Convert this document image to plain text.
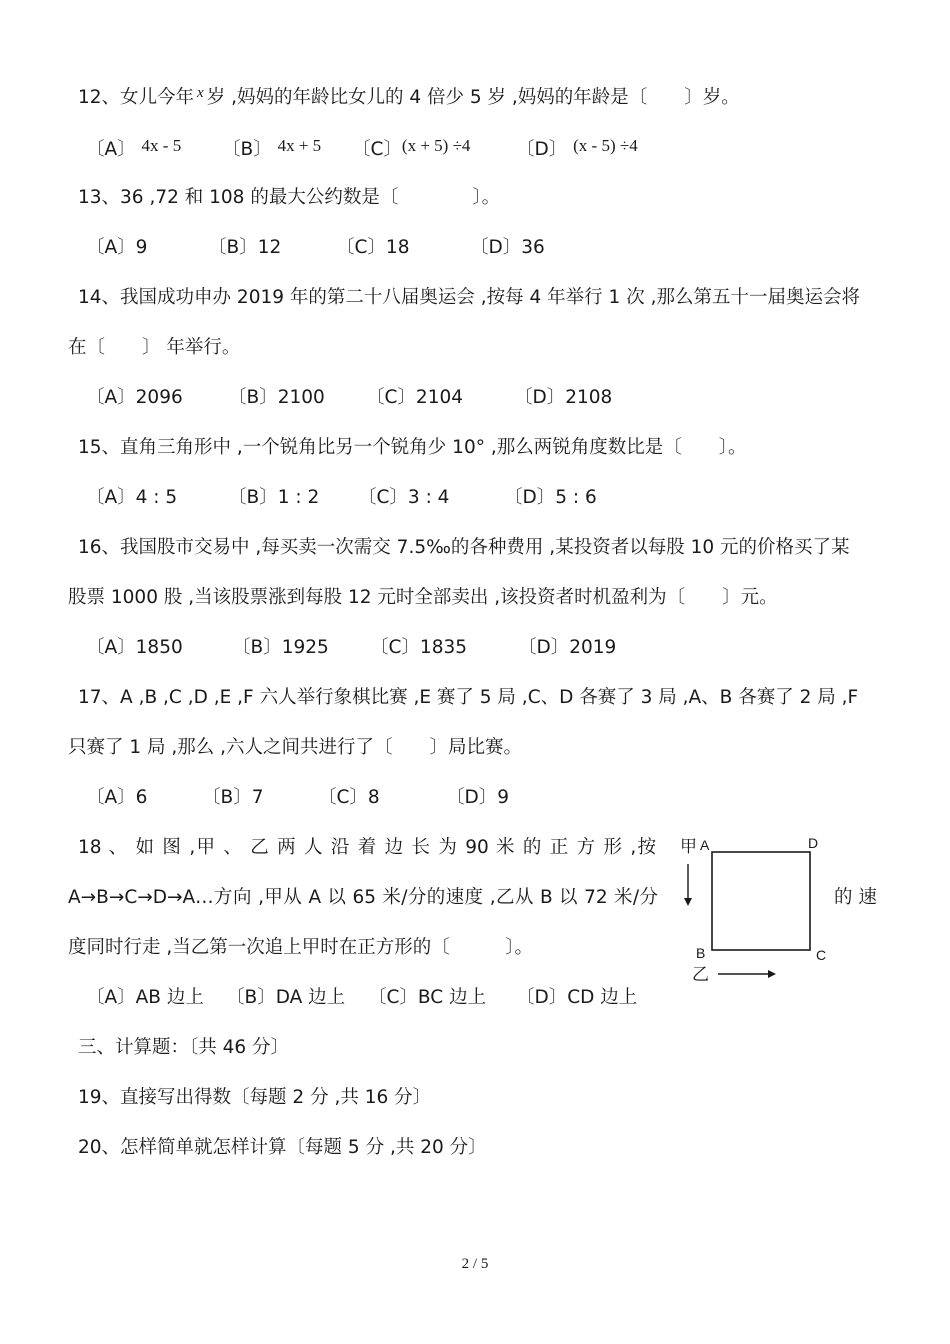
12、女儿今年 $^x$ 岁 ,妈妈的年龄比女儿的 4 倍少 5 岁 ,妈妈的年龄是〔　　〕岁。
〔A〕 4x - 5 〔B〕 4x + 5 〔C〕(x + 5) ÷4 〔D〕 (x - 5) ÷4
13、36 ,72 和 108 的最大公约数是〔　　　　〕。
〔A〕9	〔B〕12	〔C〕18	〔D〕36
14、我国成功申办 2019 年的第二十八届奥运会 ,按每 4 年举行 1 次 ,那么第五十一届奥运会将
在〔　　〕 年举行。
〔A〕2096 〔B〕2100 〔C〕2104	〔D〕2108
15、直角三角形中 ,一个锐角比另一个锐角少 10° ,那么两锐角度数比是〔　　〕。
〔A〕4 : 5	〔B〕1 : 2 〔C〕3 : 4	〔D〕5 : 6
16、我国股市交易中 ,每买卖一次需交 7.5‰的各种费用 ,某投资者以每股 10 元的价格买了某
股票 1000 股 ,当该股票涨到每股 12 元时全部卖出 ,该投资者时机盈利为〔　　〕元。
〔A〕1850	〔B〕1925 〔C〕1835	〔D〕2019
17、A ,B ,C ,D ,E ,F 六人举行象棋比赛 ,E 赛了 5 局 ,C、D 各赛了 3 局 ,A、B 各赛了 2 局 ,F
只赛了 1 局 ,那么 ,六人之间共进行了〔　　〕局比赛。
〔A〕6	〔B〕7	〔C〕8	〔D〕9
18 、 如 图 ,甲 、 乙 两 人 沿 着 边 长 为 90 米 的 正 方 形 ,按
A→B→C→D→A…方向 ,甲从 A 以 65 米/分的速度 ,乙从 B 以 72 米/分	的 速
度同时行走 ,当乙第一次追上甲时在正方形的〔　　　〕。
甲 A	D
B	C
乙
〔A〕AB 边上 〔B〕DA 边上 〔C〕BC 边上 〔D〕CD 边上
三、计算题：〔共 46 分〕
19、直接写出得数〔每题 2 分 ,共 16 分〕
20、怎样简单就怎样计算〔每题 5 分 ,共 20 分〕
2 / 5
